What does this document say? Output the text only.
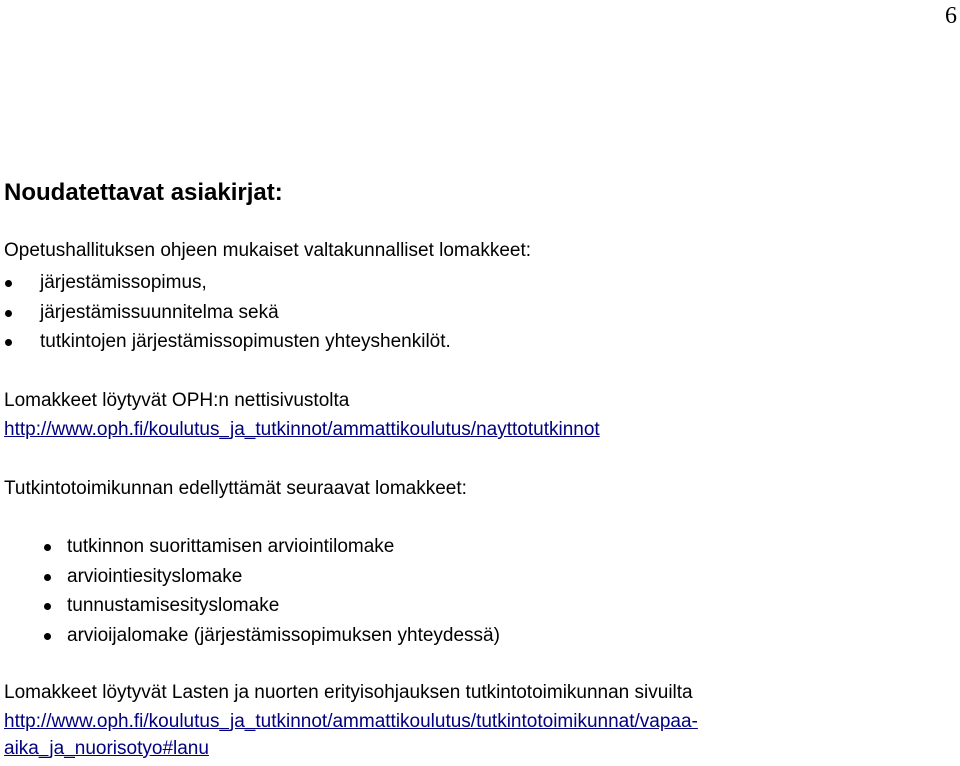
6
Noudatettavat asiakirjat:
Opetushallituksen ohjeen mukaiset valtakunnalliset lomakkeet:
järjestämissopimus,
järjestämissuunnitelma sekä
tutkintojen järjestämissopimusten yhteyshenkilöt.
Lomakkeet löytyvät OPH:n nettisivustolta
http://www.oph.fi/koulutus_ja_tutkinnot/ammattikoulutus/nayttotutkinnot
Tutkintotoimikunnan edellyttämät seuraavat lomakkeet:
tutkinnon suorittamisen arviointilomake
arviointiesityslomake
tunnustamisesityslomake
arvioijalomake (järjestämissopimuksen yhteydessä)
Lomakkeet löytyvät Lasten ja nuorten erityisohjauksen tutkintotoimikunnan sivuilta
http://www.oph.fi/koulutus_ja_tutkinnot/ammattikoulutus/tutkintotoimikunnat/vapaa-
aika_ja_nuorisotyo#lanu
